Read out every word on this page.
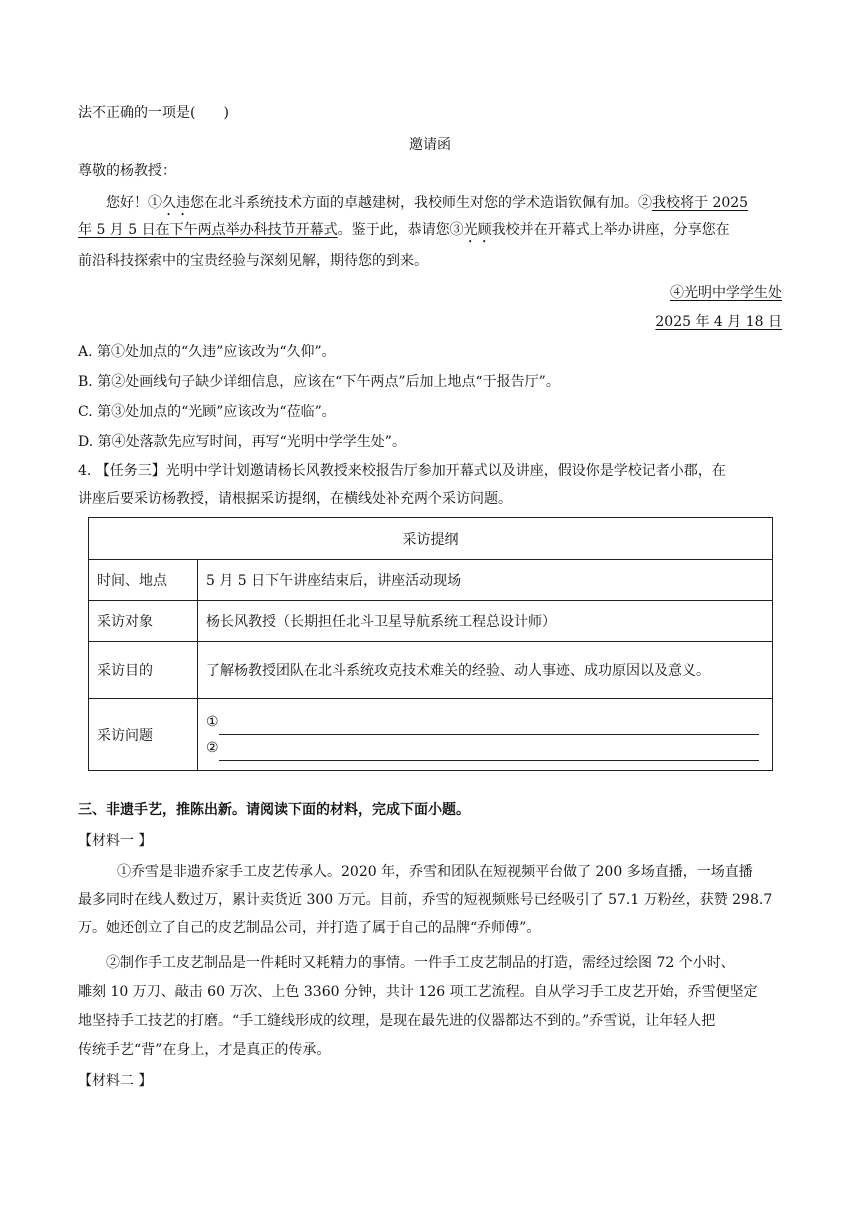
法不正确的一项是(　　)
邀请函
尊敬的杨教授：
您好！①久违您在北斗系统技术方面的卓越建树，我校师生对您的学术造诣钦佩有加。②我校将于 2025
年 5 月 5 日在下午两点举办科技节开幕式。鉴于此，恭请您③光顾我校并在开幕式上举办讲座，分享您在
前沿科技探索中的宝贵经验与深刻见解，期待您的到来。
④光明中学学生处
2025 年 4 月 18 日
A. 第①处加点的“久违”应该改为“久仰”。
B. 第②处画线句子缺少详细信息，应该在“下午两点”后加上地点“于报告厅”。
C. 第③处加点的“光顾”应该改为“莅临”。
D. 第④处落款先应写时间，再写“光明中学学生处”。
4. 【任务三】光明中学计划邀请杨长风教授来校报告厅参加开幕式以及讲座，假设你是学校记者小郡，在
讲座后要采访杨教授，请根据采访提纲，在横线处补充两个采访问题。
采访提纲	
时间、地点	5 月 5 日下午讲座结束后，讲座活动现场
采访对象	杨长风教授（长期担任北斗卫星导航系统工程总设计师）
采访目的	了解杨教授团队在北斗系统攻克技术难关的经验、动人事迹、成功原因以及意义。
采访问题	①
②
三、非遗手艺，推陈出新。请阅读下面的材料，完成下面小题。
【材料一 】
①乔雪是非遗乔家手工皮艺传承人。2020 年，乔雪和团队在短视频平台做了 200 多场直播，一场直播
最多同时在线人数过万，累计卖货近 300 万元。目前，乔雪的短视频账号已经吸引了 57.1 万粉丝，获赞 298.7
万。她还创立了自己的皮艺制品公司，并打造了属于自己的品牌“乔师傅”。
②制作手工皮艺制品是一件耗时又耗精力的事情。一件手工皮艺制品的打造，需经过绘图 72 个小时、
雕刻 10 万刀、敲击 60 万次、上色 3360 分钟，共计 126 项工艺流程。自从学习手工皮艺开始，乔雪便坚定
地坚持手工技艺的打磨。“手工缝线形成的纹理，是现在最先进的仪器都达不到的。”乔雪说，让年轻人把
传统手艺“背”在身上，才是真正的传承。
【材料二 】
